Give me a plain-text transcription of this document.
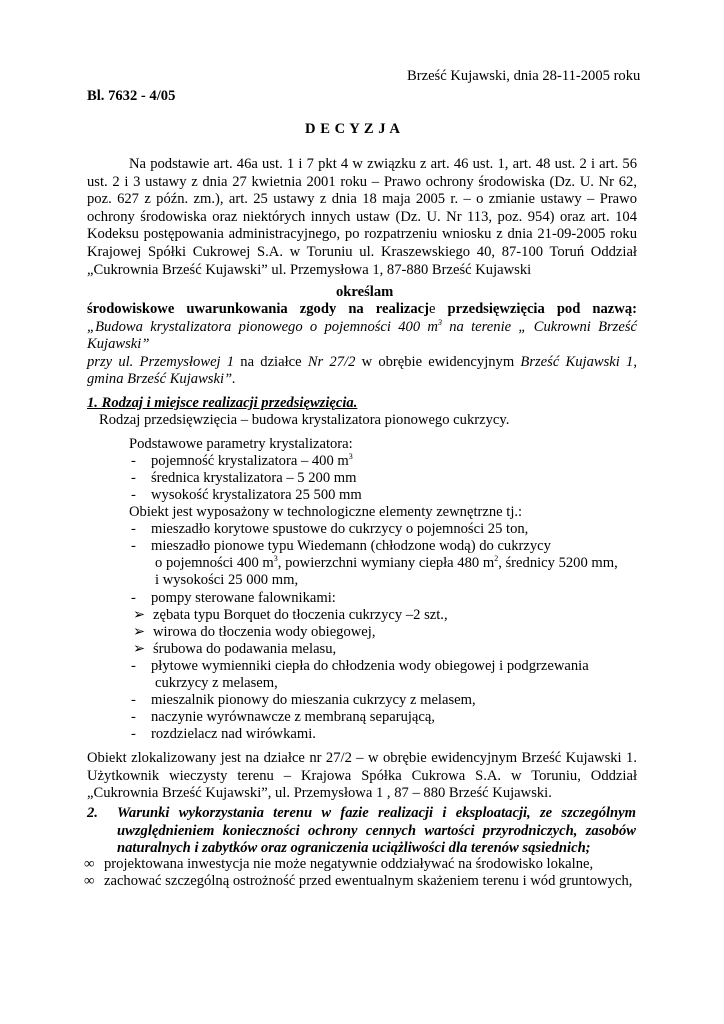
Brześć Kujawski, dnia 28-11-2005 roku
Bl. 7632 - 4/05
D E C Y Z J A
Na podstawie art. 46a ust. 1 i 7 pkt 4 w związku z art. 46 ust. 1, art. 48 ust. 2 i art. 56
ust. 2 i 3 ustawy z dnia 27 kwietnia 2001 roku – Prawo ochrony środowiska (Dz. U. Nr 62,
poz. 627 z późn. zm.), art. 25 ustawy z dnia 18 maja 2005 r. – o zmianie ustawy – Prawo
ochrony środowiska oraz niektórych innych ustaw (Dz. U. Nr 113, poz. 954) oraz art. 104
Kodeksu postępowania administracyjnego, po rozpatrzeniu wniosku z dnia 21-09-2005 roku
Krajowej Spółki Cukrowej S.A. w Toruniu ul. Kraszewskiego 40, 87-100 Toruń Oddział
„Cukrownia Brześć Kujawski” ul. Przemysłowa 1, 87-880 Brześć Kujawski
określam
środowiskowe uwarunkowania zgody na realizacje przedsięwzięcia pod nazwą:
„Budowa krystalizatora pionowego o pojemności 400 $m^3$ na terenie „ Cukrowni Brześć
Kujawski”
przy ul. Przemysłowej 1 na działce Nr 27/2 w obrębie ewidencyjnym Brześć Kujawski 1,
gmina Brześć Kujawski”.
1. Rodzaj i miejsce realizacji przedsięwzięcia.
Rodzaj przedsięwzięcia – budowa krystalizatora pionowego cukrzycy.
Podstawowe parametry krystalizatora:
- pojemność krystalizatora – 400 $m^3$
- średnica krystalizatora – 5 200 mm
- wysokość krystalizatora 25 500 mm
Obiekt jest wyposażony w technologiczne elementy zewnętrzne tj.:
- mieszadło korytowe spustowe do cukrzycy o pojemności 25 ton,
- mieszadło pionowe typu Wiedemann (chłodzone wodą) do cukrzycy
o pojemności 400 $m^3$, powierzchni wymiany ciepła 480 $m^2$, średnicy 5200 mm,
i wysokości 25 000 mm,
- pompy sterowane falownikami:
➢ zębata typu Borquet do tłoczenia cukrzycy –2 szt.,
➢ wirowa do tłoczenia wody obiegowej,
➢ śrubowa do podawania melasu,
- płytowe wymienniki ciepła do chłodzenia wody obiegowej i podgrzewania
cukrzycy z melasem,
- mieszalnik pionowy do mieszania cukrzycy z melasem,
- naczynie wyrównawcze z membraną separującą,
- rozdzielacz nad wirówkami.
Obiekt zlokalizowany jest na działce nr 27/2 – w obrębie ewidencyjnym Brześć Kujawski 1.
Użytkownik wieczysty terenu – Krajowa Spółka Cukrowa S.A. w Toruniu, Oddział
„Cukrownia Brześć Kujawski”, ul. Przemysłowa 1 , 87 – 880 Brześć Kujawski.
2. Warunki wykorzystania terenu w fazie realizacji i eksploatacji, ze szczególnym
uwzględnieniem konieczności ochrony cennych wartości przyrodniczych, zasobów
naturalnych i zabytków oraz ograniczenia uciążliwości dla terenów sąsiednich;
∞ projektowana inwestycja nie może negatywnie oddziaływać na środowisko lokalne,
∞ zachować szczególną ostrożność przed ewentualnym skażeniem terenu i wód gruntowych,
